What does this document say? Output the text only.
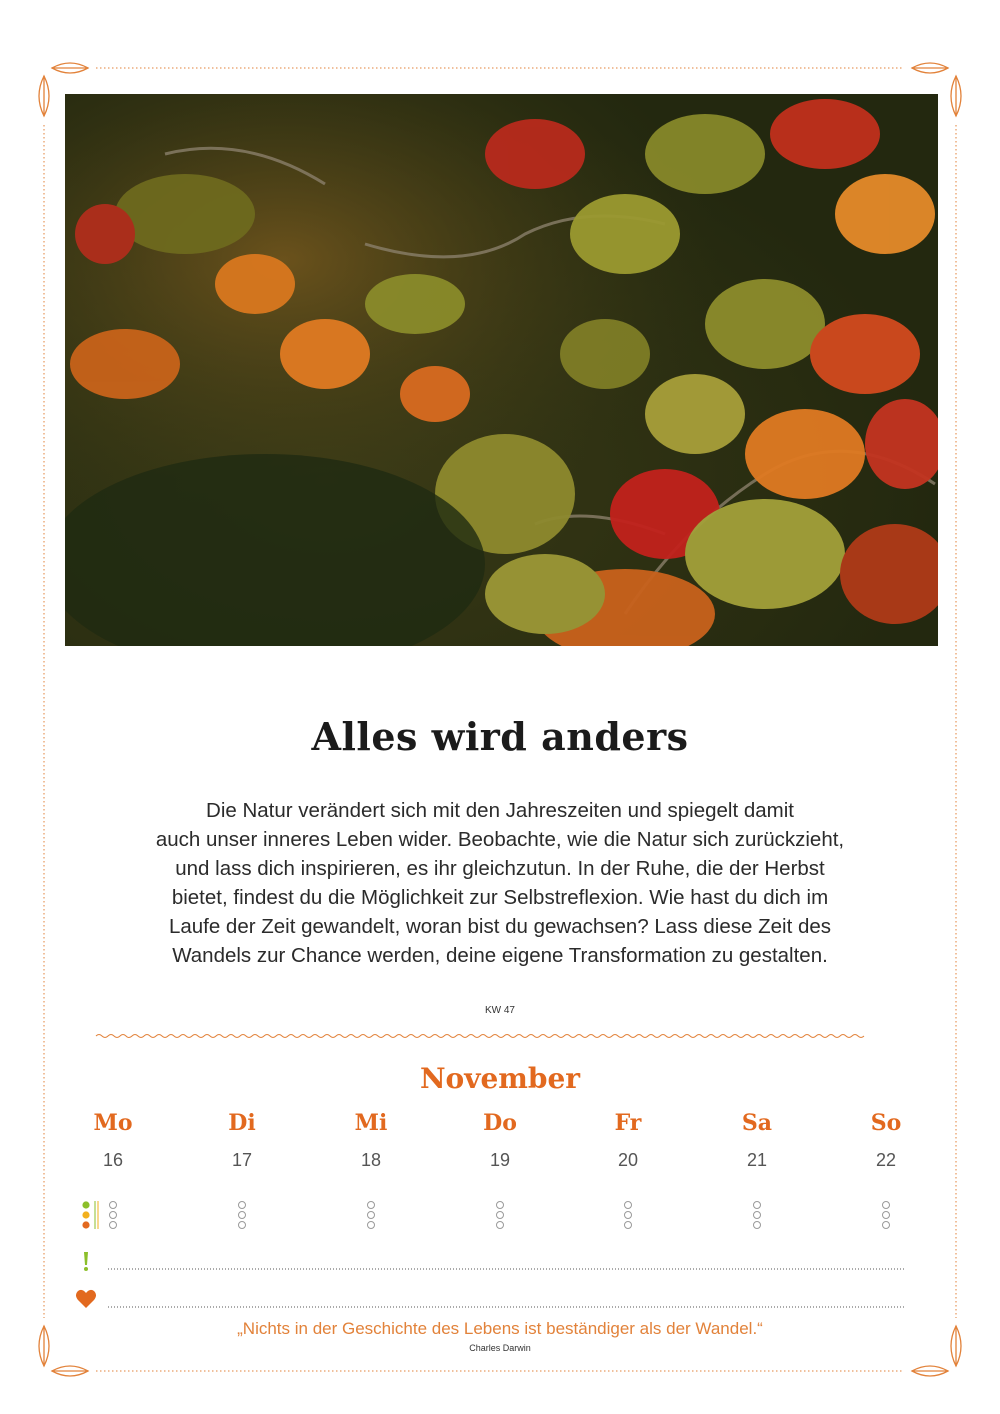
Alles wird anders
Die Natur verändert sich mit den Jahreszeiten und spiegelt damit
auch unser inneres Leben wider. Beobachte, wie die Natur sich zurückzieht,
und lass dich inspirieren, es ihr gleichzutun. In der Ruhe, die der Herbst
bietet, findest du die Möglichkeit zur Selbstreflexion. Wie hast du dich im
Laufe der Zeit gewandelt, woran bist du gewachsen? Lass diese Zeit des
Wandels zur Chance werden, deine eigene Transformation zu gestalten.
KW 47
November
Mo	Di	Mi	Do	Fr	Sa	So
16	17	18	19	20	21	22
„Nichts in der Geschichte des Lebens ist beständiger als der Wandel.“
Charles Darwin
